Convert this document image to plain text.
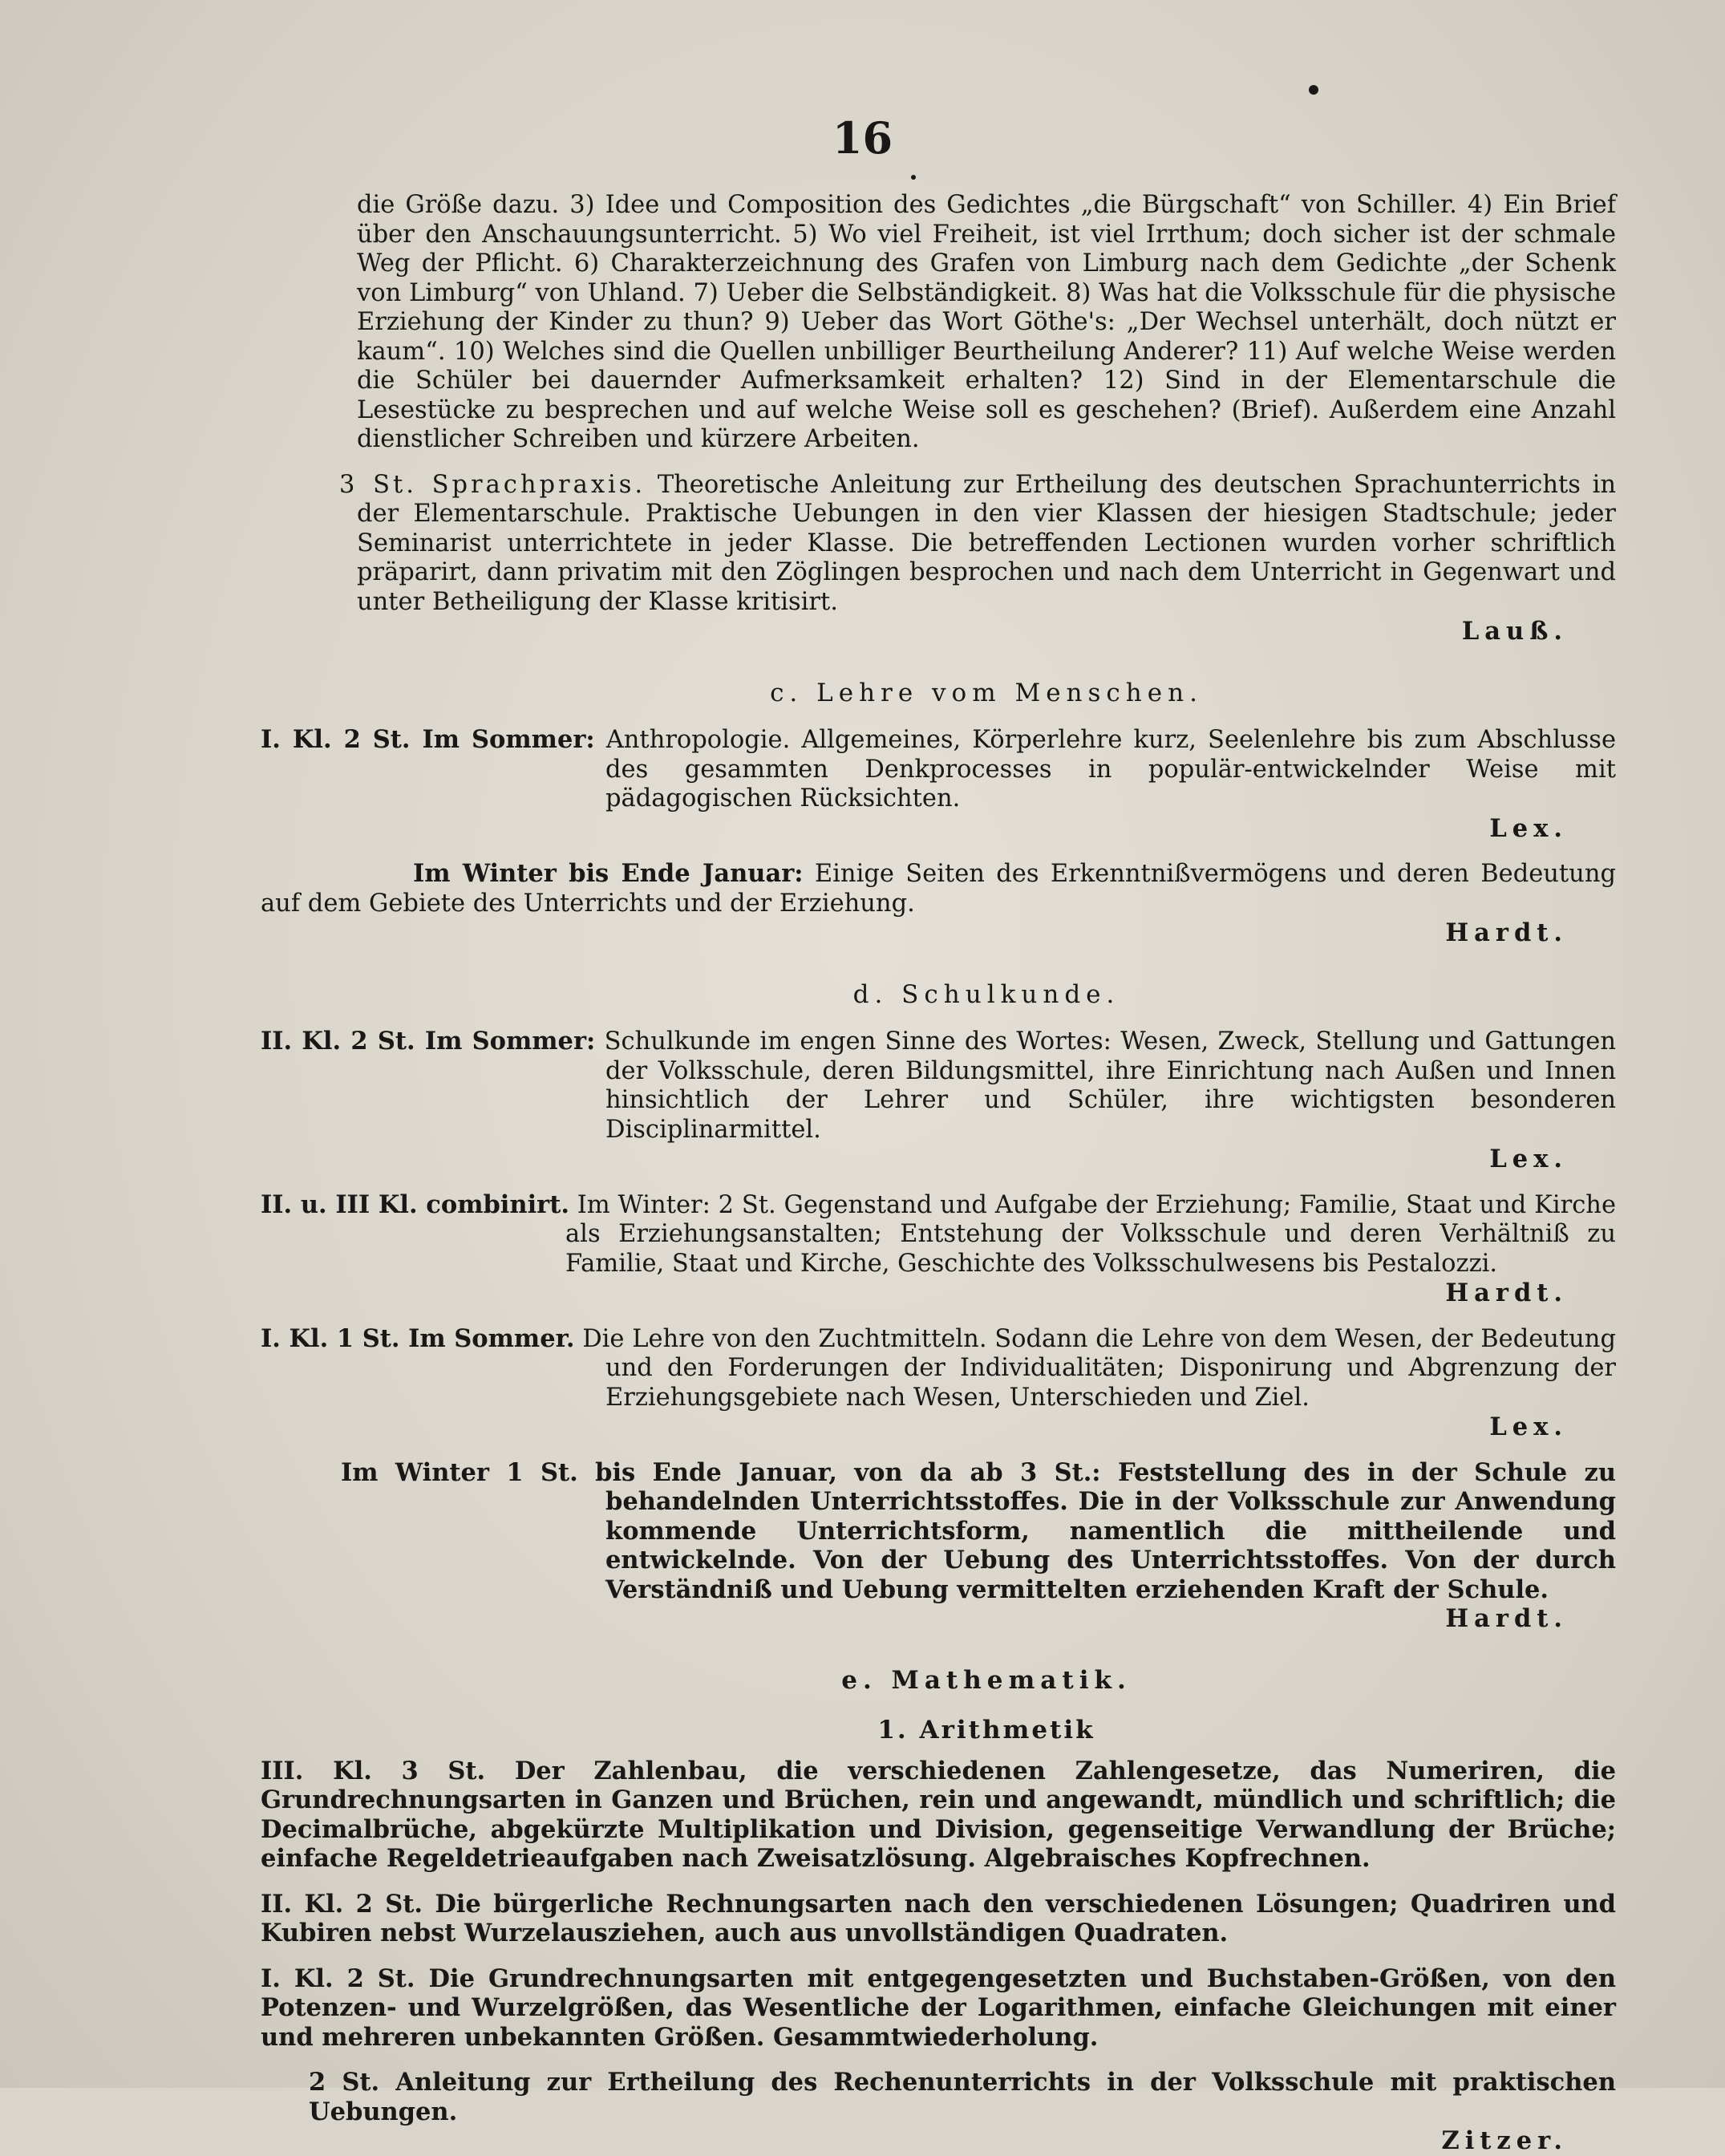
16

die Größe dazu. 3) Idee und Composition des Gedichtes „die Bürgschaft“ von Schiller. 4) Ein Brief über den Anschauungsunterricht. 5) Wo viel Freiheit, ist viel Irrthum; doch sicher ist der schmale Weg der Pflicht. 6) Charakterzeichnung des Grafen von Limburg nach dem Gedichte „der Schenk von Limburg“ von Uhland. 7) Ueber die Selbständigkeit. 8) Was hat die Volksschule für die physische Erziehung der Kinder zu thun? 9) Ueber das Wort Göthe's: „Der Wechsel unterhält, doch nützt er kaum“. 10) Welches sind die Quellen unbilliger Beurtheilung Anderer? 11) Auf welche Weise werden die Schüler bei dauernder Aufmerksamkeit erhalten? 12) Sind in der Elementarschule die Lesestücke zu besprechen und auf welche Weise soll es geschehen? (Brief). Außerdem eine Anzahl dienstlicher Schreiben und kürzere Arbeiten.

3 St. Sprachpraxis. Theoretische Anleitung zur Ertheilung des deutschen Sprachunterrichts in der Elementarschule. Praktische Uebungen in den vier Klassen der hiesigen Stadtschule; jeder Seminarist unterrichtete in jeder Klasse. Die betreffenden Lectionen wurden vorher schriftlich präparirt, dann privatim mit den Zöglingen besprochen und nach dem Unterricht in Gegenwart und unter Betheiligung der Klasse kritisirt.
Lauß.

c. Lehre vom Menschen.

I. Kl. 2 St. Im Sommer: Anthropologie. Allgemeines, Körperlehre kurz, Seelenlehre bis zum Abschlusse des gesammten Denkprocesses in populär-entwickelnder Weise mit pädagogischen Rücksichten.
Lex.

Im Winter bis Ende Januar: Einige Seiten des Erkenntnißvermögens und deren Bedeutung auf dem Gebiete des Unterrichts und der Erziehung.
Hardt.

d. Schulkunde.

II. Kl. 2 St. Im Sommer: Schulkunde im engen Sinne des Wortes: Wesen, Zweck, Stellung und Gattungen der Volksschule, deren Bildungsmittel, ihre Einrichtung nach Außen und Innen hinsichtlich der Lehrer und Schüler, ihre wichtigsten besonderen Disciplinarmittel.
Lex.

II. u. III Kl. combinirt. Im Winter: 2 St. Gegenstand und Aufgabe der Erziehung; Familie, Staat und Kirche als Erziehungsanstalten; Entstehung der Volksschule und deren Verhältniß zu Familie, Staat und Kirche, Geschichte des Volksschulwesens bis Pestalozzi.
Hardt.

I. Kl. 1 St. Im Sommer. Die Lehre von den Zuchtmitteln. Sodann die Lehre von dem Wesen, der Bedeutung und den Forderungen der Individualitäten; Disponirung und Abgrenzung der Erziehungsgebiete nach Wesen, Unterschieden und Ziel.
Lex.

Im Winter 1 St. bis Ende Januar, von da ab 3 St.: Feststellung des in der Schule zu behandelnden Unterrichtsstoffes. Die in der Volksschule zur Anwendung kommende Unterrichtsform, namentlich die mittheilende und entwickelnde. Von der Uebung des Unterrichtsstoffes. Von der durch Verständniß und Uebung vermittelten erziehenden Kraft der Schule.
Hardt.

e. Mathematik.
1. Arithmetik

III. Kl. 3 St. Der Zahlenbau, die verschiedenen Zahlengesetze, das Numeriren, die Grundrechnungsarten in Ganzen und Brüchen, rein und angewandt, mündlich und schriftlich; die Decimalbrüche, abgekürzte Multiplikation und Division, gegenseitige Verwandlung der Brüche; einfache Regeldetrieaufgaben nach Zweisatzlösung. Algebraisches Kopfrechnen.

II. Kl. 2 St. Die bürgerliche Rechnungsarten nach den verschiedenen Lösungen; Quadriren und Kubiren nebst Wurzelausziehen, auch aus unvollständigen Quadraten.

I. Kl. 2 St. Die Grundrechnungsarten mit entgegengesetzten und Buchstaben-Größen, von den Potenzen- und Wurzelgrößen, das Wesentliche der Logarithmen, einfache Gleichungen mit einer und mehreren unbekannten Größen. Gesammtwiederholung.

2 St. Anleitung zur Ertheilung des Rechenunterrichts in der Volksschule mit praktischen Uebungen.
Zitzer.
